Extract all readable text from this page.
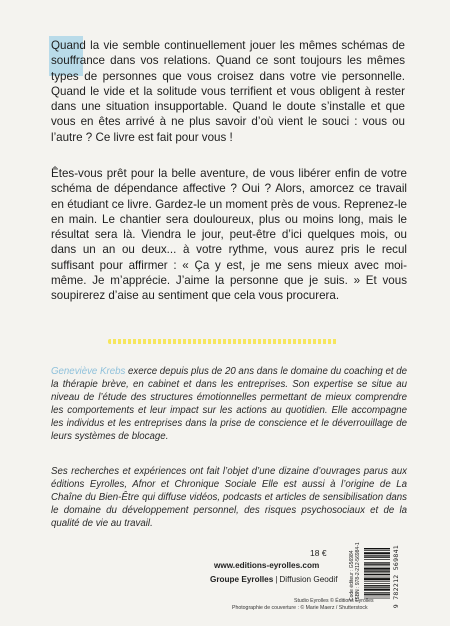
Quand la vie semble continuellement jouer les mêmes schémas de souffrance dans vos relations. Quand ce sont toujours les mêmes types de personnes que vous croisez dans votre vie personnelle. Quand le vide et la solitude vous terrifient et vous obligent à rester dans une situation insupportable. Quand le doute s’installe et que vous en êtes arrivé à ne plus savoir d’où vient le souci : vous ou l’autre ? Ce livre est fait pour vous !

Êtes-vous prêt pour la belle aventure, de vous libérer enfin de votre schéma de dépendance affective ? Oui ? Alors, amorcez ce travail en étudiant ce livre. Gardez-le un moment près de vous. Reprenez-le en main. Le chantier sera douloureux, plus ou moins long, mais le résultat sera là. Viendra le jour, peut-être d’ici quelques mois, ou dans un an ou deux... à votre rythme, vous aurez pris le recul suffisant pour affirmer : « Ça y est, je me sens mieux avec moi-même. Je m’apprécie. J’aime la personne que je suis. » Et vous soupirerez d’aise au sentiment que cela vous procurera.

Geneviève Krebs exerce depuis plus de 20 ans dans le domaine du coaching et de la thérapie brève, en cabinet et dans les entreprises. Son expertise se situe au niveau de l’étude des structures émotionnelles permettant de mieux comprendre les comportements et leur impact sur les actions au quotidien. Elle accompagne les individus et les entreprises dans la prise de conscience et le déverrouillage de leurs systèmes de blocage.

Ses recherches et expériences ont fait l’objet d’une dizaine d’ouvrages parus aux éditions Eyrolles, Afnor et Chronique Sociale Elle est aussi à l’origine de La Chaîne du Bien-Être qui diffuse vidéos, podcasts et articles de sensibilisation dans le domaine du développement personnel, des risques psychosociaux et de la qualité de vie au travail.

18 €
www.editions-eyrolles.com
Groupe Eyrolles | Diffusion Geodif
Studio Eyrolles © Éditions Eyrolles
Photographie de couverture : © Marie Maerz / Shutterstock
Code éditeur : G56984 ISBN : 978-2-212-56984-1	9 782212 569841
